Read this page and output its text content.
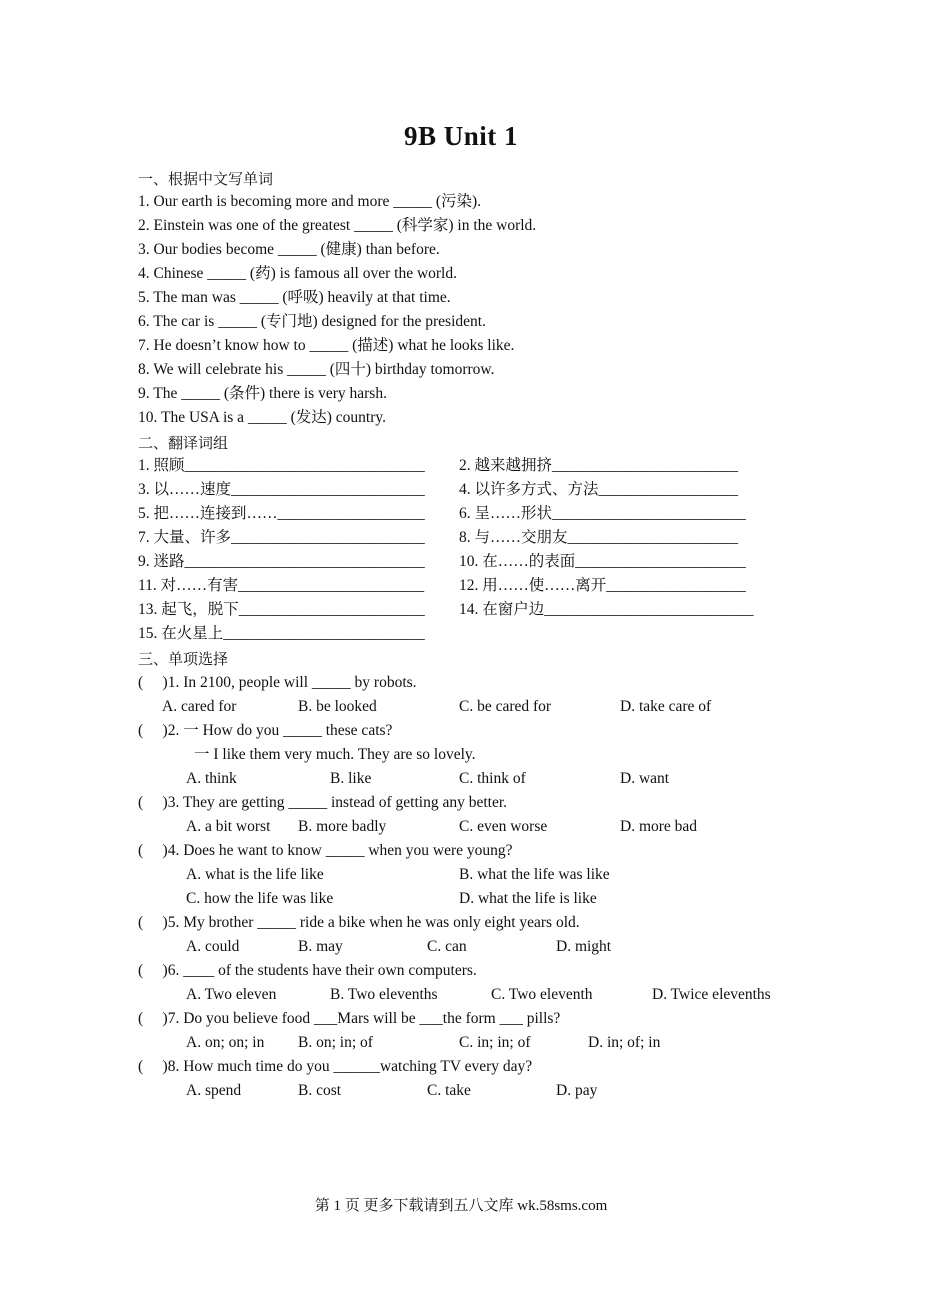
9B Unit 1
一、根据中文写单词
1. Our earth is becoming more and more _____ (污染).
2. Einstein was one of the greatest _____ (科学家) in the world.
3. Our bodies become _____ (健康) than before.
4. Chinese _____ (药) is famous all over the world.
5. The man was _____ (呼吸) heavily at that time.
6. The car is _____ (专门地) designed for the president.
7. He doesn’t know how to _____ (描述) what he looks like.
8. We will celebrate his _____ (四十) birthday tomorrow.
9. The _____ (条件) there is very harsh.
10. The USA is a _____ (发达) country.
二、翻译词组
1. 照顾_______________________________ 2. 越来越拥挤________________________
3. 以……速度_________________________ 4. 以许多方式、方法__________________
5. 把……连接到……___________________ 6. 呈……形状_________________________
7. 大量、许多_________________________ 8. 与……交朋友______________________
9. 迷路_______________________________ 10. 在……的表面______________________
11. 对……有害________________________ 12. 用……使……离开__________________
13. 起飞，脱下________________________ 14. 在窗户边___________________________
15. 在火星上__________________________
三、单项选择
(     )1. In 2100, people will _____ by robots.
A. cared for	B. be looked	C. be cared for	D. take care of
(     )2. 一 How do you _____ these cats?
一 I like them very much. They are so lovely.
A. think	B. like	C. think of	D. want
(     )3. They are getting _____ instead of getting any better.
A. a bit worst B. more badly	C. even worse	D. more bad
(     )4. Does he want to know _____ when you were young?
A. what is the life like	B. what the life was like
C. how the life was like	D. what the life is like
(     )5. My brother _____ ride a bike when he was only eight years old.
A. could	B. may	C. can	D. might
(     )6. ____ of the students have their own computers.
A. Two eleven	B. Two elevenths	C. Two eleventh	D. Twice elevenths
(     )7. Do you believe food ___Mars will be ___the form ___ pills?
A. on; on; in B. on; in; of	C. in; in; of	D. in; of; in
(     )8. How much time do you ______watching TV every day?
A. spend	B. cost	C. take	D. pay
第 1 页 更多下载请到五八文库 wk.58sms.com
